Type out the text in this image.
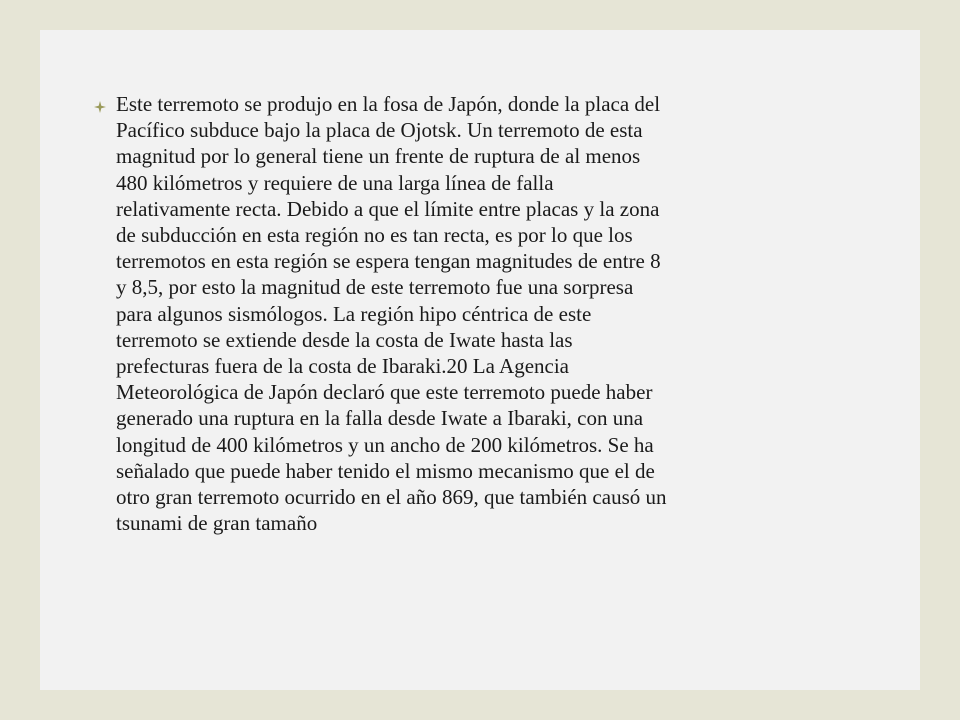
Este terremoto se produjo en la fosa de Japón, donde la placa del
Pacífico subduce bajo la placa de Ojotsk. Un terremoto de esta
magnitud por lo general tiene un frente de ruptura de al menos
480 kilómetros y requiere de una larga línea de falla
relativamente recta. Debido a que el límite entre placas y la zona
de subducción en esta región no es tan recta, es por lo que los
terremotos en esta región se espera tengan magnitudes de entre 8
y 8,5, por esto la magnitud de este terremoto fue una sorpresa
para algunos sismólogos. La región hipo céntrica de este
terremoto se extiende desde la costa de Iwate hasta las
prefecturas fuera de la costa de Ibaraki.20 La Agencia
Meteorológica de Japón declaró que este terremoto puede haber
generado una ruptura en la falla desde Iwate a Ibaraki, con una
longitud de 400 kilómetros y un ancho de 200 kilómetros. Se ha
señalado que puede haber tenido el mismo mecanismo que el de
otro gran terremoto ocurrido en el año 869, que también causó un
tsunami de gran tamaño
